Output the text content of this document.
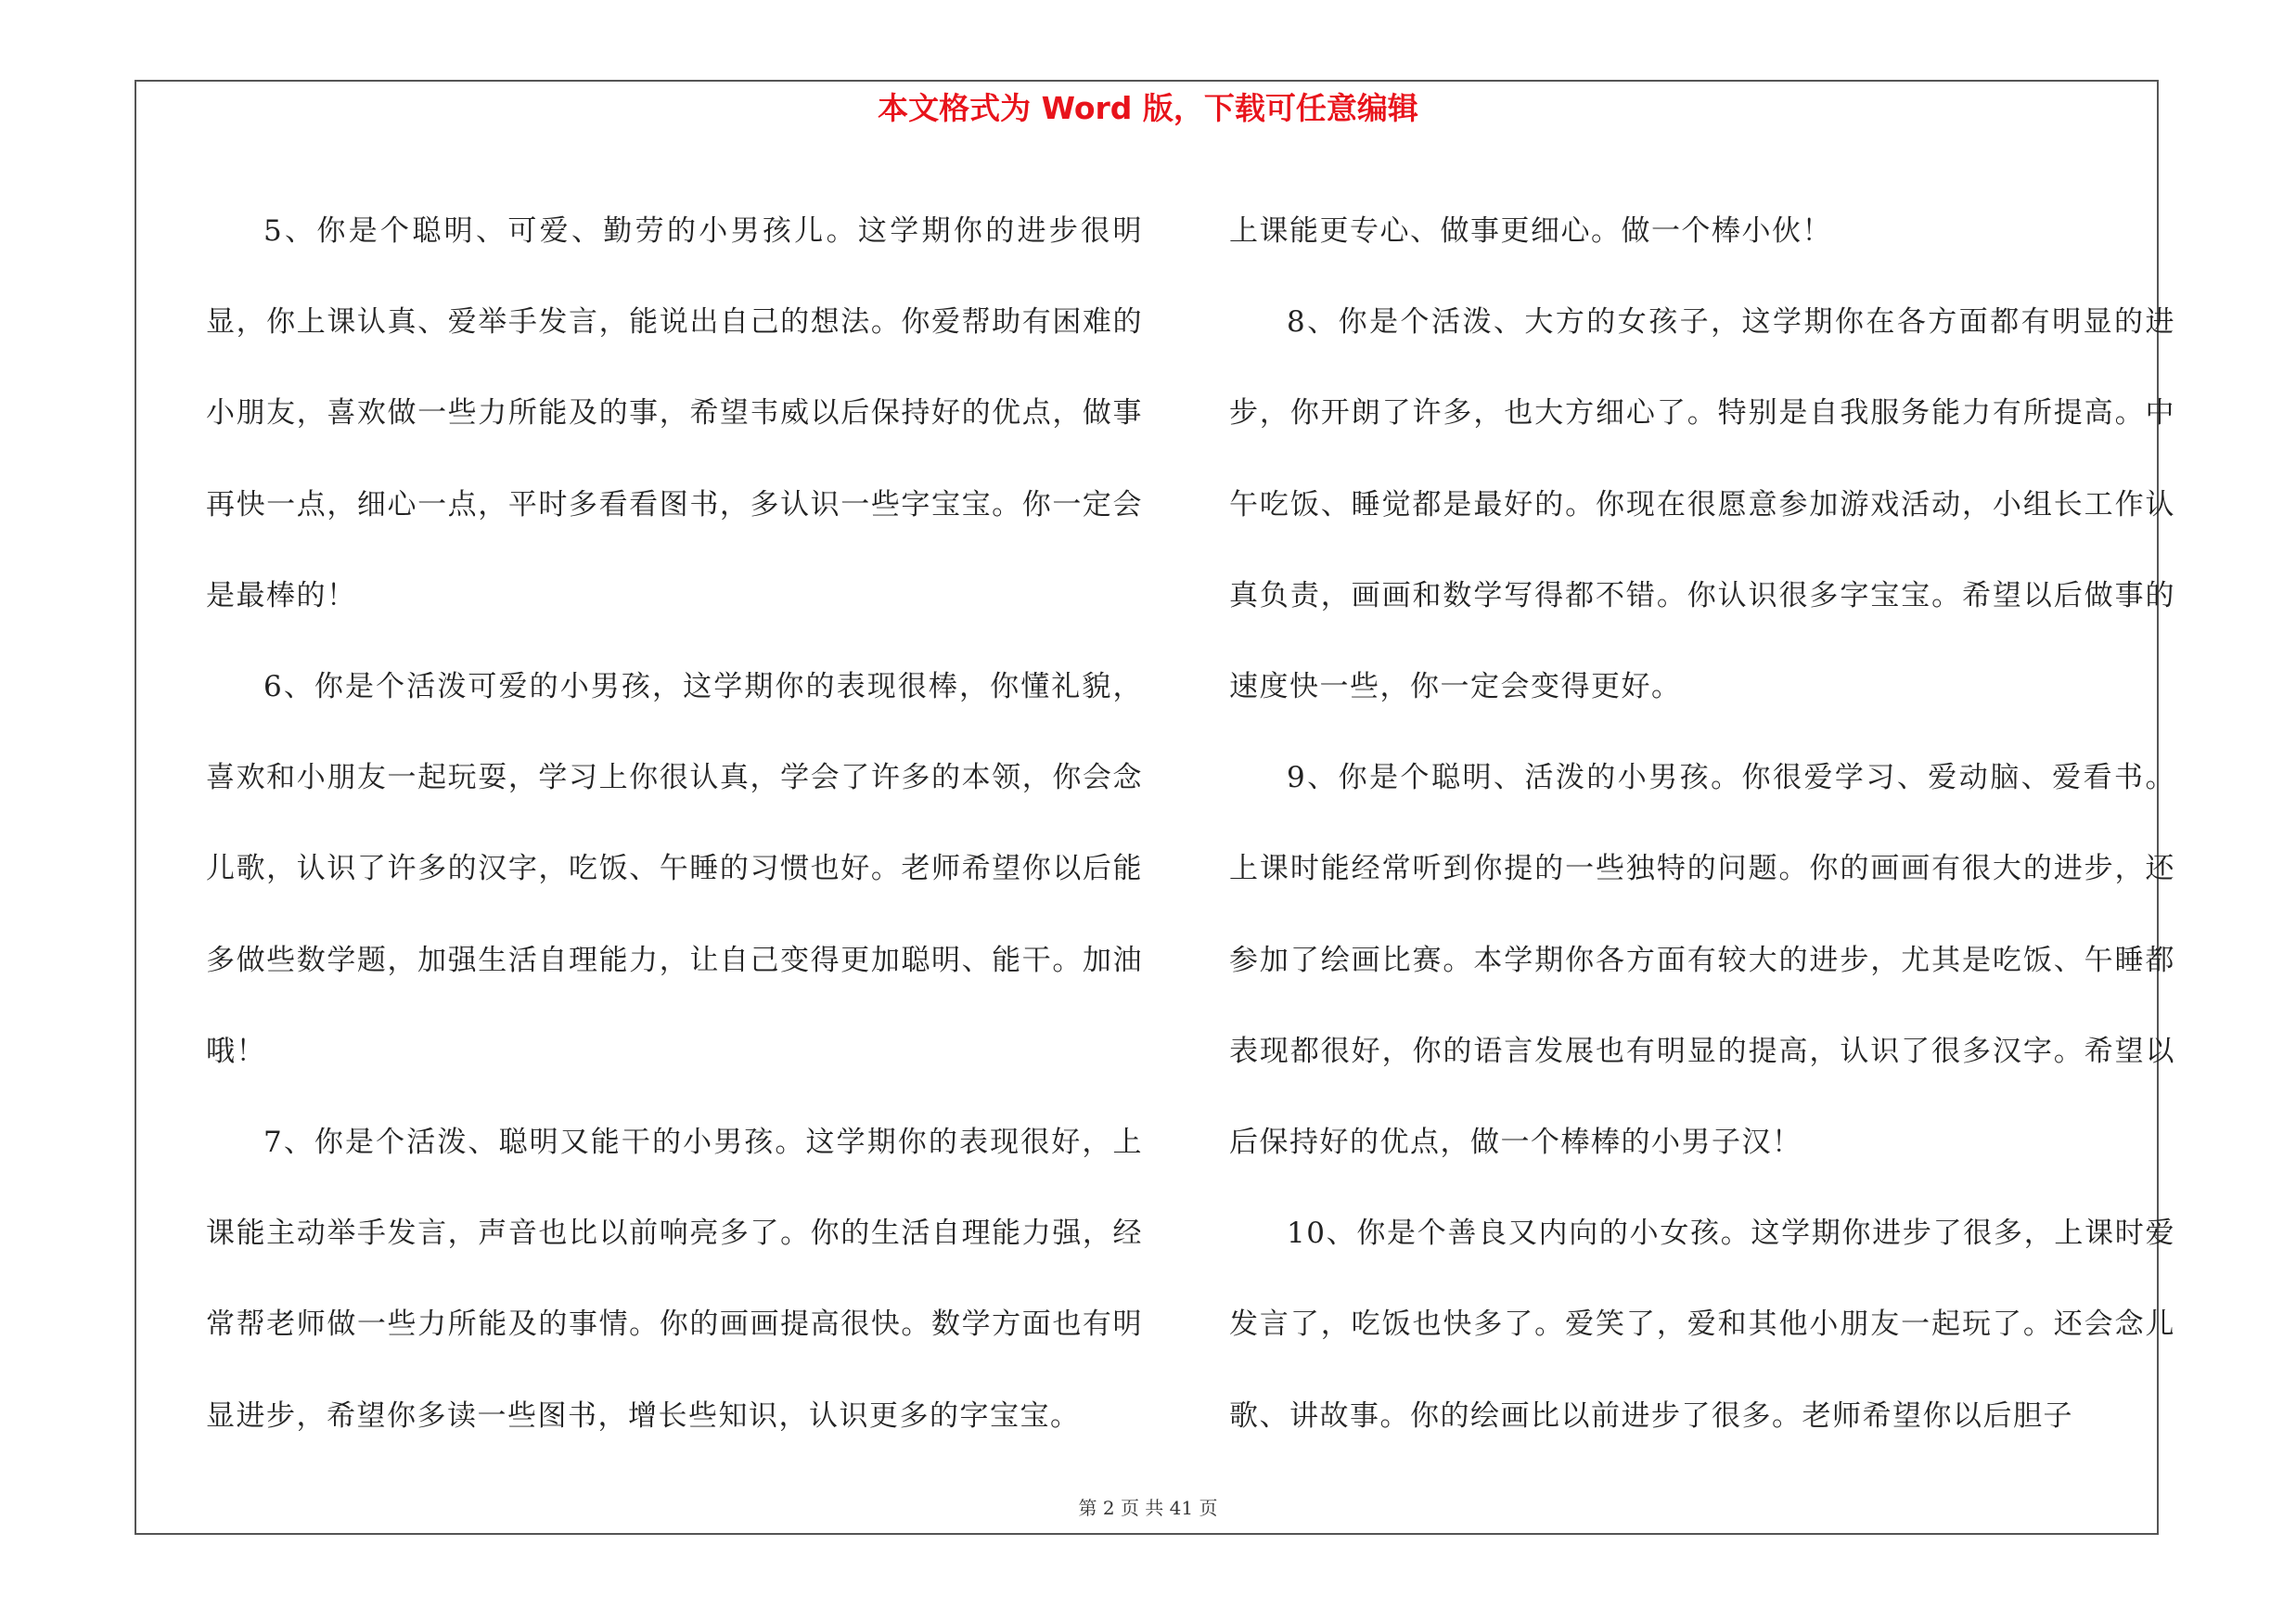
本文格式为 Word 版，下载可任意编辑

5、你是个聪明、可爱、勤劳的小男孩儿。这学期你的进步很明显，你上课认真、爱举手发言，能说出自己的想法。你爱帮助有困难的小朋友，喜欢做一些力所能及的事，希望韦威以后保持好的优点，做事再快一点，细心一点，平时多看看图书，多认识一些字宝宝。你一定会是最棒的！

6、你是个活泼可爱的小男孩，这学期你的表现很棒，你懂礼貌，喜欢和小朋友一起玩耍，学习上你很认真，学会了许多的本领，你会念儿歌，认识了许多的汉字，吃饭、午睡的习惯也好。老师希望你以后能多做些数学题，加强生活自理能力，让自己变得更加聪明、能干。加油哦！

7、你是个活泼、聪明又能干的小男孩。这学期你的表现很好，上课能主动举手发言，声音也比以前响亮多了。你的生活自理能力强，经常帮老师做一些力所能及的事情。你的画画提高很快。数学方面也有明显进步，希望你多读一些图书，增长些知识，认识更多的字宝宝。

上课能更专心、做事更细心。做一个棒小伙！

8、你是个活泼、大方的女孩子，这学期你在各方面都有明显的进步，你开朗了许多，也大方细心了。特别是自我服务能力有所提高。中午吃饭、睡觉都是最好的。你现在很愿意参加游戏活动，小组长工作认真负责，画画和数学写得都不错。你认识很多字宝宝。希望以后做事的速度快一些，你一定会变得更好。

9、你是个聪明、活泼的小男孩。你很爱学习、爱动脑、爱看书。上课时能经常听到你提的一些独特的问题。你的画画有很大的进步，还参加了绘画比赛。本学期你各方面有较大的进步，尤其是吃饭、午睡都表现都很好，你的语言发展也有明显的提高，认识了很多汉字。希望以后保持好的优点，做一个棒棒的小男子汉！

10、你是个善良又内向的小女孩。这学期你进步了很多，上课时爱发言了，吃饭也快多了。爱笑了，爱和其他小朋友一起玩了。还会念儿歌、讲故事。你的绘画比以前进步了很多。老师希望你以后胆子

第 2 页 共 41 页
